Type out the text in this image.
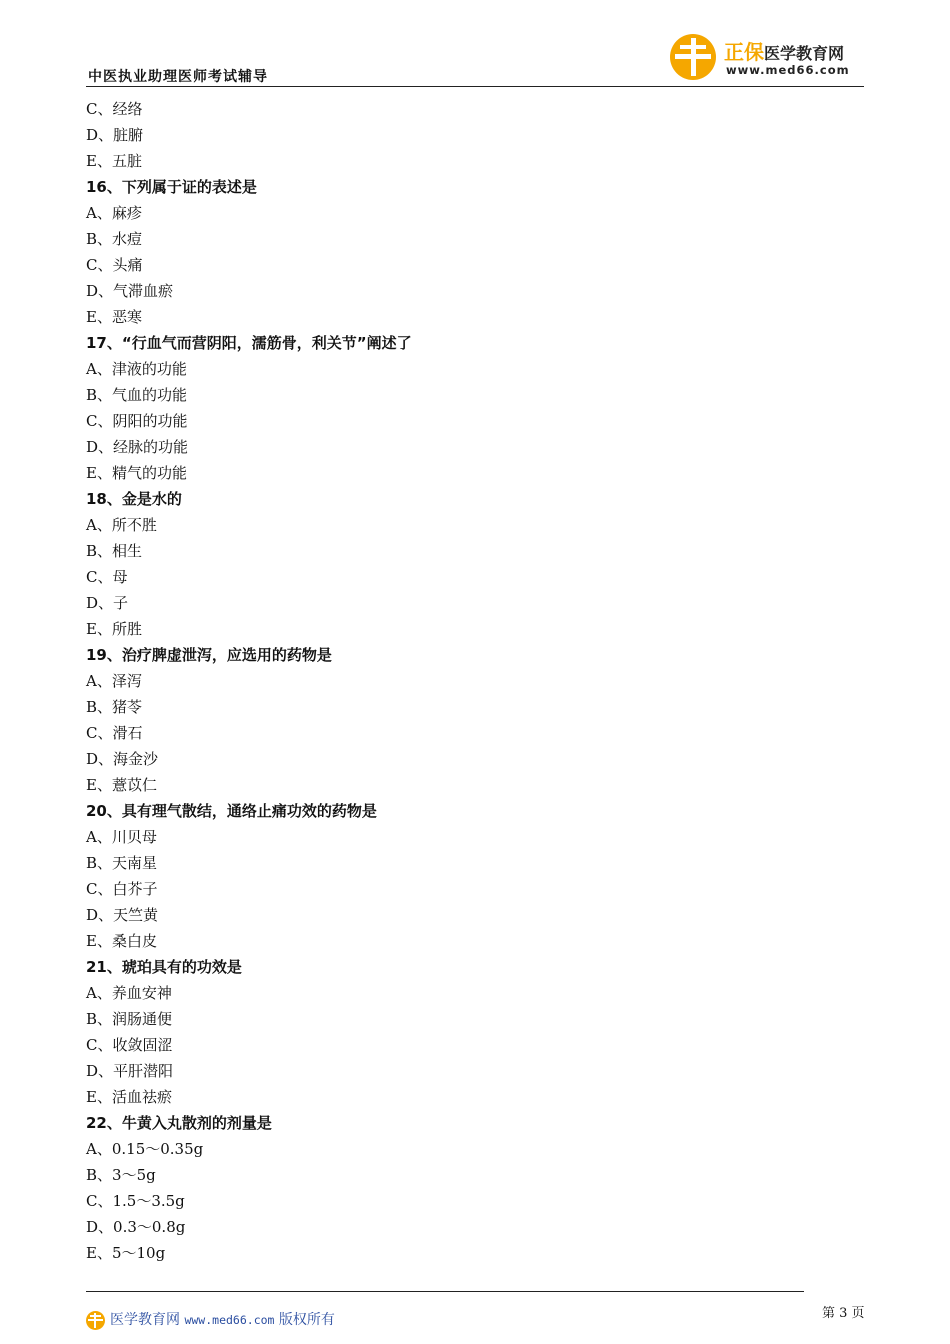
中医执业助理医师考试辅导
正保医学教育网
www.med66.com
C、经络
D、脏腑
E、五脏
16、下列属于证的表述是
A、麻疹
B、水痘
C、头痛
D、气滞血瘀
E、恶寒
17、“行血气而营阴阳，濡筋骨，利关节”阐述了
A、津液的功能
B、气血的功能
C、阴阳的功能
D、经脉的功能
E、精气的功能
18、金是水的
A、所不胜
B、相生
C、母
D、子
E、所胜
19、治疗脾虚泄泻，应选用的药物是
A、泽泻
B、猪苓
C、滑石
D、海金沙
E、薏苡仁
20、具有理气散结，通络止痛功效的药物是
A、川贝母
B、天南星
C、白芥子
D、天竺黄
E、桑白皮
21、琥珀具有的功效是
A、养血安神
B、润肠通便
C、收敛固涩
D、平肝潜阳
E、活血祛瘀
22、牛黄入丸散剂的剂量是
A、0.15～0.35g
B、3～5g
C、1.5～3.5g
D、0.3～0.8g
E、5～10g
第 3 页
医学教育网 www.med66.com 版权所有
